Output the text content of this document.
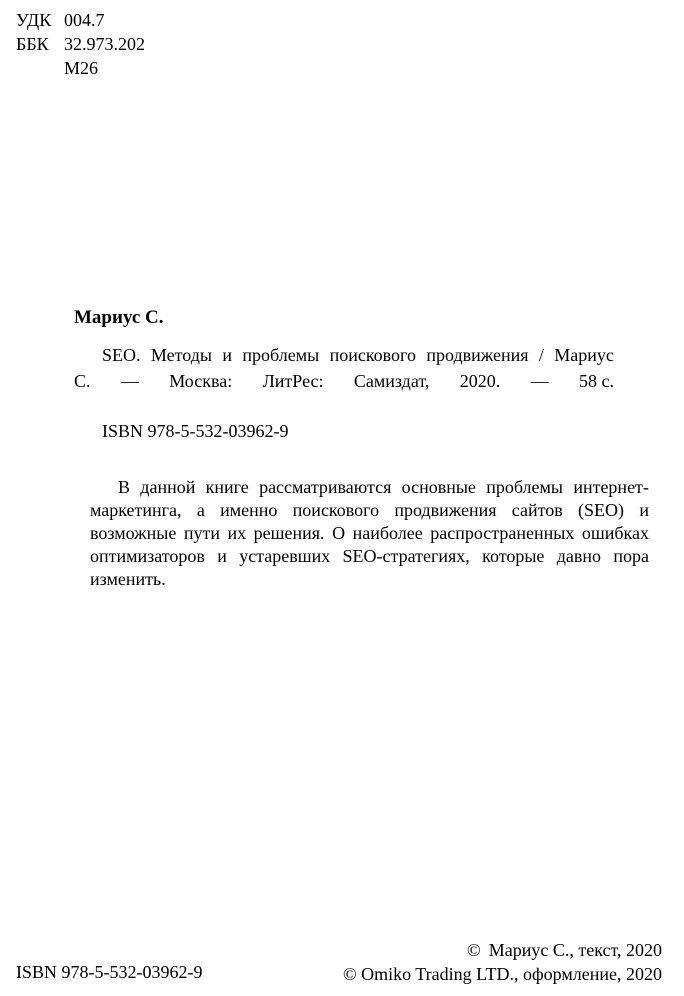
УДК 004.7
ББК 32.973.202
М26
Мариус С.
SEO. Методы и проблемы поискового продвижения / Мариус
С. — Москва: ЛитРес: Самиздат, 2020. — 58 с.
ISBN 978-5-532-03962-9
В данной книге рассматриваются основные проблемы интернет-
маркетинга, а именно поискового продвижения сайтов (SEO) и
возможные пути их решения. О наиболее распространенных ошибках
оптимизаторов и устаревших SEO-стратегиях, которые давно пора
изменить.
ISBN 978-5-532-03962-9
© Мариус С., текст, 2020
© Omiko Trading LTD., оформление, 2020
